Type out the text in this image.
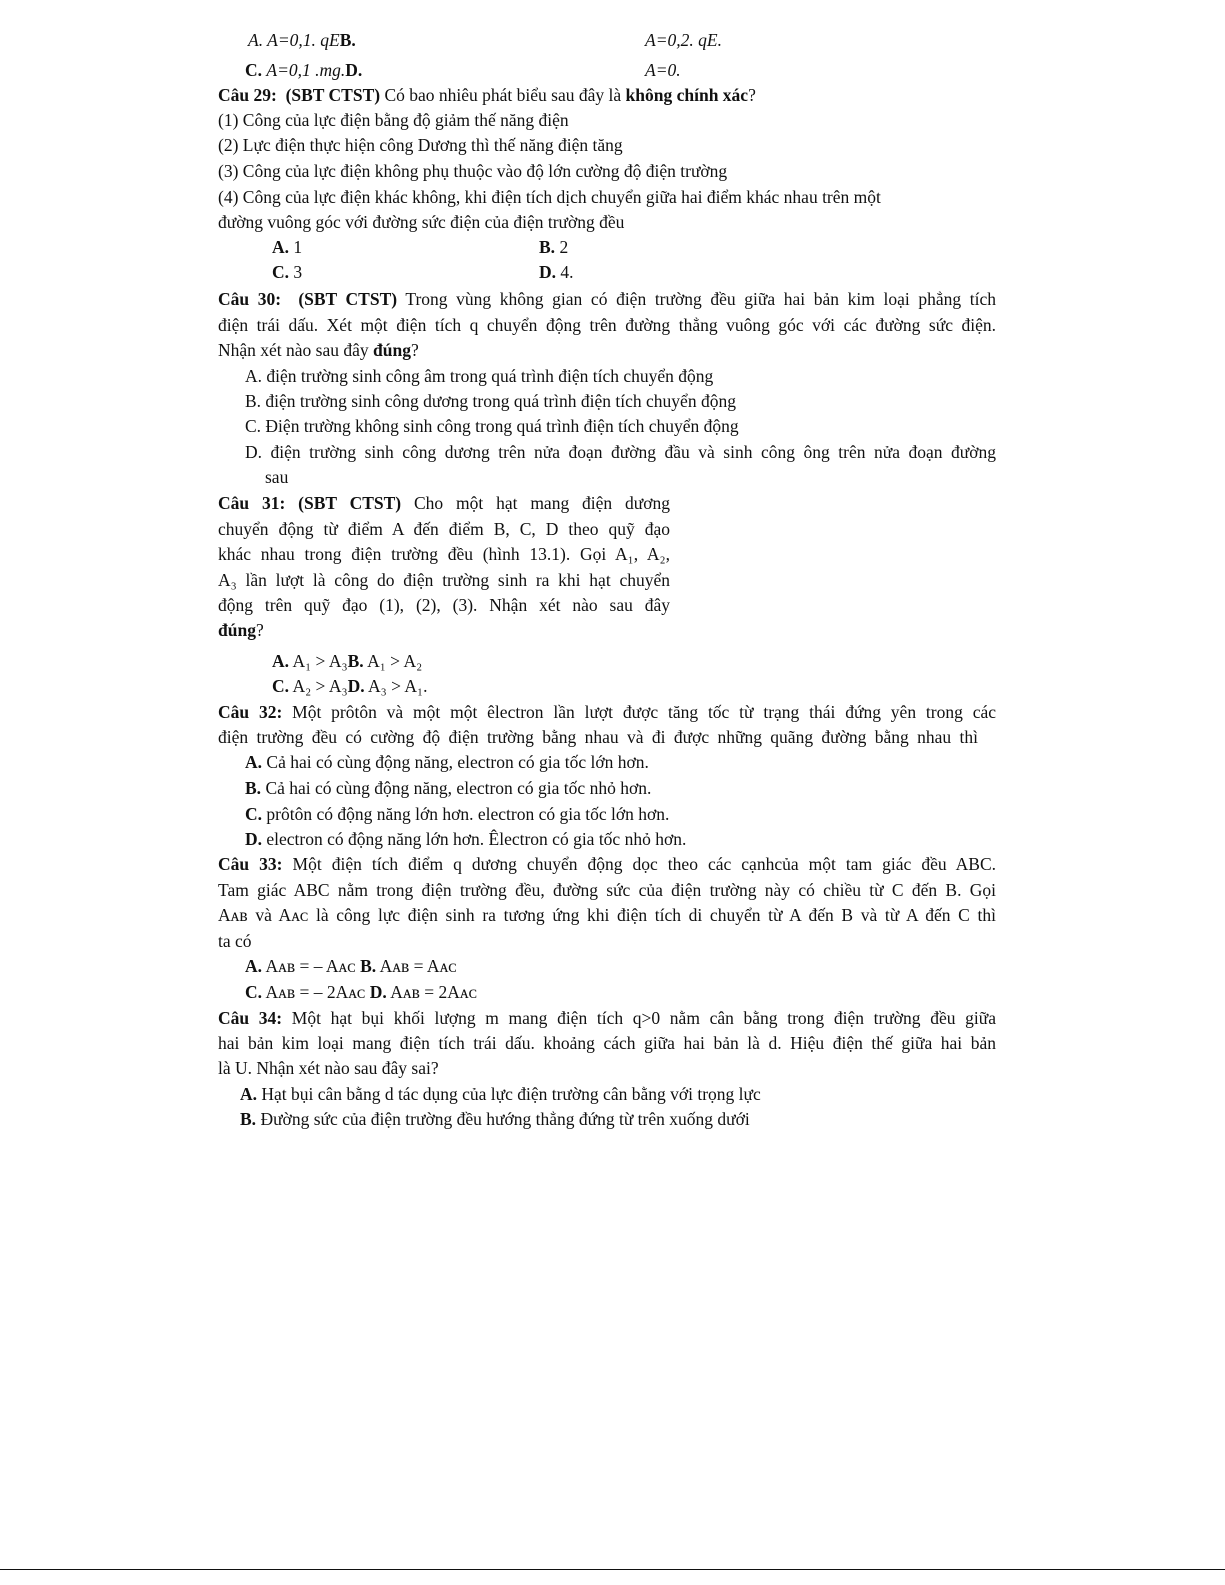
A. A=0,1. qEB.	A=0,2. qE.
C. A=0,1 .mg.D.	A=0.
Câu 29: (SBT CTST) Có bao nhiêu phát biểu sau đây là không chính xác?
(1) Công của lực điện bằng độ giảm thế năng điện
(2) Lực điện thực hiện công Dương thì thế năng điện tăng
(3) Công của lực điện không phụ thuộc vào độ lớn cường độ điện trường
(4) Công của lực điện khác không, khi điện tích dịch chuyển giữa hai điểm khác nhau trên một
đường vuông góc với đường sức điện của điện trường đều
A. 1	B. 2
C. 3	D. 4.
Câu 30: (SBT CTST) Trong vùng không gian có điện trường đều giữa hai bản kim loại phẳng tích
điện trái dấu. Xét một điện tích q chuyển động trên đường thẳng vuông góc với các đường sức điện.
Nhận xét nào sau đây đúng?
A. điện trường sinh công âm trong quá trình điện tích chuyển động
B. điện trường sinh công dương trong quá trình điện tích chuyển động
C. Điện trường không sinh công trong quá trình điện tích chuyển động
D. điện trường sinh công dương trên nửa đoạn đường đầu và sinh công ông trên nửa đoạn đường
sau
Câu 31: (SBT CTST) Cho một hạt mang điện dương
chuyển động từ điểm A đến điểm B, C, D theo quỹ đạo
khác nhau trong điện trường đều (hình 13.1). Gọi A₁, A₂,
A₃ lần lượt là công do điện trường sinh ra khi hạt chuyển
động trên quỹ đạo (1), (2), (3). Nhận xét nào sau đây
đúng?
A. A₁ > A₃B. A₁ > A₂
C. A₂ > A₃D. A₃ > A₁.
Câu 32: Một prôtôn và một một êlectron lần lượt được tăng tốc từ trạng thái đứng yên trong các
điện trường đều có cường độ điện trường bằng nhau và đi được những quãng đường bằng nhau thì
A. Cả hai có cùng động năng, electron có gia tốc lớn hơn.
B. Cả hai có cùng động năng, electron có gia tốc nhỏ hơn.
C. prôtôn có động năng lớn hơn. electron có gia tốc lớn hơn.
D. electron có động năng lớn hơn. Êlectron có gia tốc nhỏ hơn.
Câu 33: Một điện tích điểm q dương chuyển động dọc theo các cạnhcủa một tam giác đều ABC.
Tam giác ABC nằm trong điện trường đều, đường sức của điện trường này có chiều từ C đến B. Gọi
Aᴀʙ và Aᴀᴄ là công lực điện sinh ra tương ứng khi điện tích di chuyển từ A đến B và từ A đến C thì
ta có
A. Aᴀʙ = – Aᴀᴄ B. Aᴀʙ = Aᴀᴄ
C. Aᴀʙ = – 2Aᴀᴄ D. Aᴀʙ = 2Aᴀᴄ
Câu 34: Một hạt bụi khối lượng m mang điện tích q>0 nằm cân bằng trong điện trường đều giữa
hai bản kim loại mang điện tích trái dấu. khoảng cách giữa hai bản là d. Hiệu điện thế giữa hai bản
là U. Nhận xét nào sau đây sai?
A. Hạt bụi cân bằng d tác dụng của lực điện trường cân bằng với trọng lực
B. Đường sức của điện trường đều hướng thẳng đứng từ trên xuống dưới
